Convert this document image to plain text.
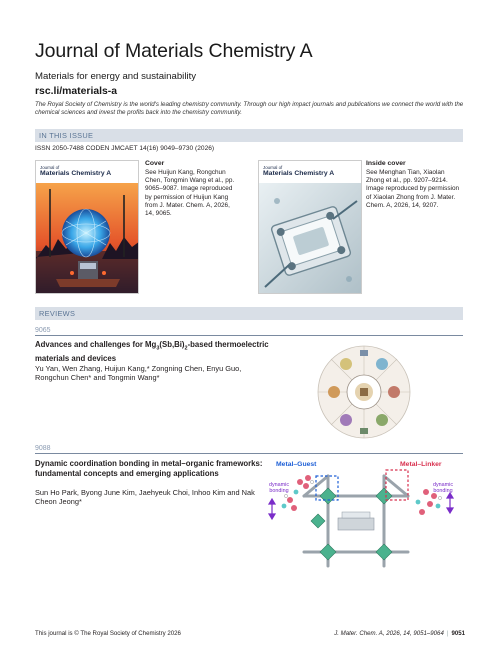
Journal of Materials Chemistry A
Materials for energy and sustainability
rsc.li/materials-a
The Royal Society of Chemistry is the world's leading chemistry community. Through our high impact journals and publications we connect the world with the chemical sciences and invest the profits back into the chemistry community.
IN THIS ISSUE
ISSN 2050-7488 CODEN JMCAET 14(16) 9049–9730 (2026)
Journal of
Materials Chemistry A
Cover
See Huijun Kang, Rongchun Chen, Tongmin Wang et al., pp. 9065–9087. Image reproduced by permission of Huijun Kang from J. Mater. Chem. A, 2026, 14, 9065.
Journal of
Materials Chemistry A
Inside cover
See Menghan Tian, Xiaolan Zhong et al., pp. 9207–9214. Image reproduced by permission of Xiaolan Zhong from J. Mater. Chem. A, 2026, 14, 9207.
REVIEWS
9065
Advances and challenges for $Mg_3(Sb,Bi)_2$-based thermoelectric materials and devices
Yu Yan, Wen Zhang, Huijun Kang,* Zongning Chen, Enyu Guo, Rongchun Chen* and Tongmin Wang*
9088
Dynamic coordination bonding in metal–organic frameworks: fundamental concepts and emerging applications
Sun Ho Park, Byong June Kim, Jaehyeuk Choi, Inhoo Kim and Nak Cheon Jeong*
Metal–Guest	Metal–Linker
dynamic bonding
dynamic bonding
This journal is © The Royal Society of Chemistry 2026	J. Mater. Chem. A, 2026, 14, 9051–9064 | 9051
